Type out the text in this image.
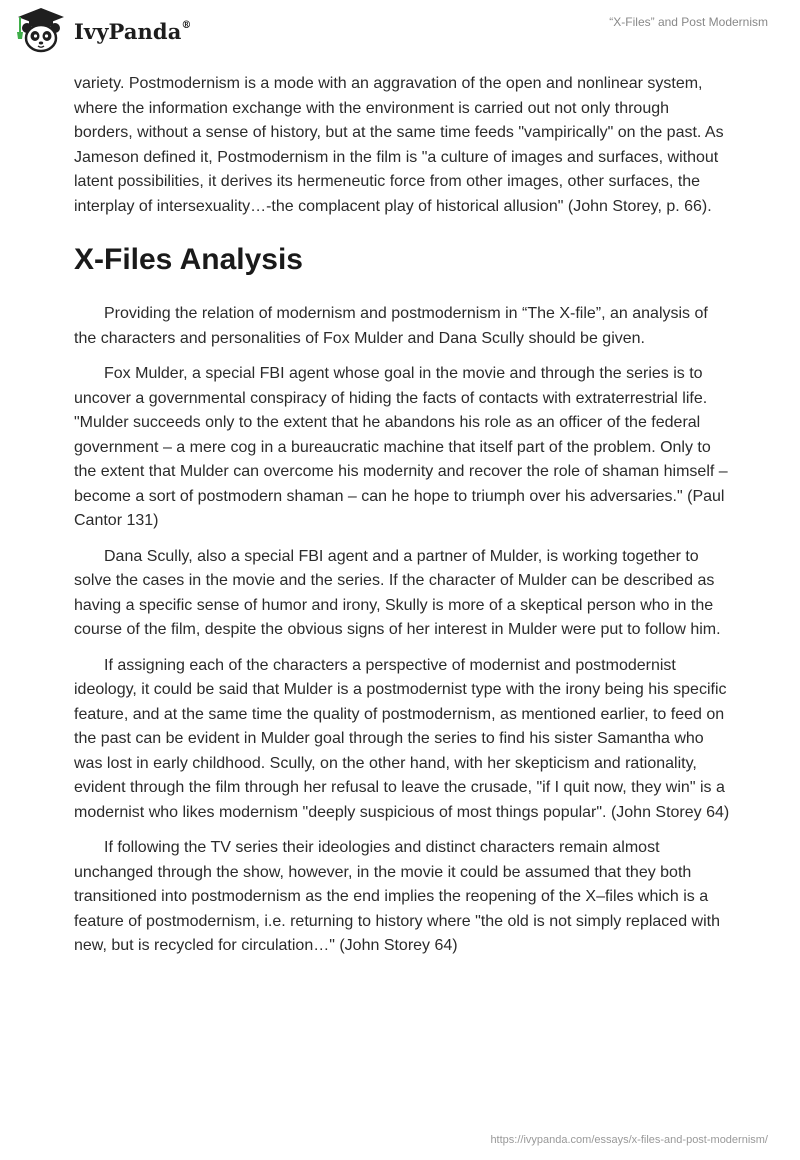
IvyPanda®	“X-Files” and Post Modernism

variety. Postmodernism is a mode with an aggravation of the open and nonlinear system, where the information exchange with the environment is carried out not only through borders, without a sense of history, but at the same time feeds "vampirically" on the past. As Jameson defined it, Postmodernism in the film is "a culture of images and surfaces, without latent possibilities, it derives its hermeneutic force from other images, other surfaces, the interplay of intersexuality…-the complacent play of historical allusion" (John Storey, p. 66).

X-Files Analysis

Providing the relation of modernism and postmodernism in “The X-file”, an analysis of the characters and personalities of Fox Mulder and Dana Scully should be given.

Fox Mulder, a special FBI agent whose goal in the movie and through the series is to uncover a governmental conspiracy of hiding the facts of contacts with extraterrestrial life. "Mulder succeeds only to the extent that he abandons his role as an officer of the federal government – a mere cog in a bureaucratic machine that itself part of the problem. Only to the extent that Mulder can overcome his modernity and recover the role of shaman himself – become a sort of postmodern shaman – can he hope to triumph over his adversaries." (Paul Cantor 131)

Dana Scully, also a special FBI agent and a partner of Mulder, is working together to solve the cases in the movie and the series. If the character of Mulder can be described as having a specific sense of humor and irony, Skully is more of a skeptical person who in the course of the film, despite the obvious signs of her interest in Mulder were put to follow him.

If assigning each of the characters a perspective of modernist and postmodernist ideology, it could be said that Mulder is a postmodernist type with the irony being his specific feature, and at the same time the quality of postmodernism, as mentioned earlier, to feed on the past can be evident in Mulder goal through the series to find his sister Samantha who was lost in early childhood. Scully, on the other hand, with her skepticism and rationality, evident through the film through her refusal to leave the crusade, "if I quit now, they win" is a modernist who likes modernism "deeply suspicious of most things popular". (John Storey 64)

If following the TV series their ideologies and distinct characters remain almost unchanged through the show, however, in the movie it could be assumed that they both transitioned into postmodernism as the end implies the reopening of the X–files which is a feature of postmodernism, i.e. returning to history where "the old is not simply replaced with new, but is recycled for circulation…" (John Storey 64)

https://ivypanda.com/essays/x-files-and-post-modernism/
